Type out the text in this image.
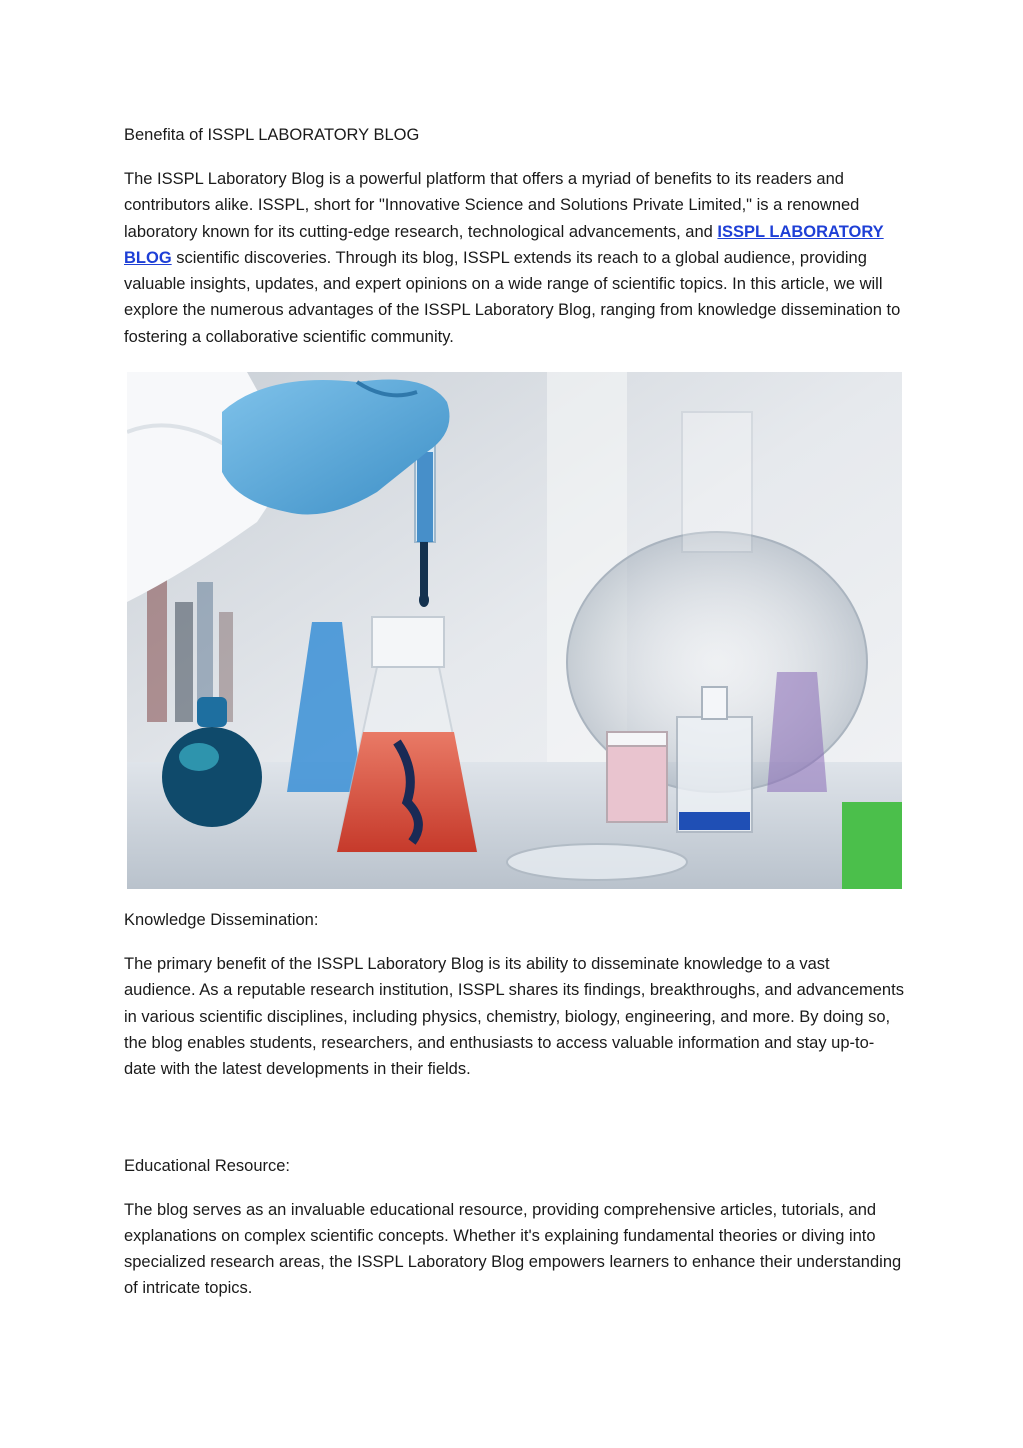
Benefita of ISSPL LABORATORY BLOG

The ISSPL Laboratory Blog is a powerful platform that offers a myriad of benefits to its readers and contributors alike. ISSPL, short for "Innovative Science and Solutions Private Limited," is a renowned laboratory known for its cutting-edge research, technological advancements, and ISSPL LABORATORY BLOG scientific discoveries. Through its blog, ISSPL extends its reach to a global audience, providing valuable insights, updates, and expert opinions on a wide range of scientific topics. In this article, we will explore the numerous advantages of the ISSPL Laboratory Blog, ranging from knowledge dissemination to fostering a collaborative scientific community.

Knowledge Dissemination:

The primary benefit of the ISSPL Laboratory Blog is its ability to disseminate knowledge to a vast audience. As a reputable research institution, ISSPL shares its findings, breakthroughs, and advancements in various scientific disciplines, including physics, chemistry, biology, engineering, and more. By doing so, the blog enables students, researchers, and enthusiasts to access valuable information and stay up-to-date with the latest developments in their fields.

Educational Resource:

The blog serves as an invaluable educational resource, providing comprehensive articles, tutorials, and explanations on complex scientific concepts. Whether it's explaining fundamental theories or diving into specialized research areas, the ISSPL Laboratory Blog empowers learners to enhance their understanding of intricate topics.
